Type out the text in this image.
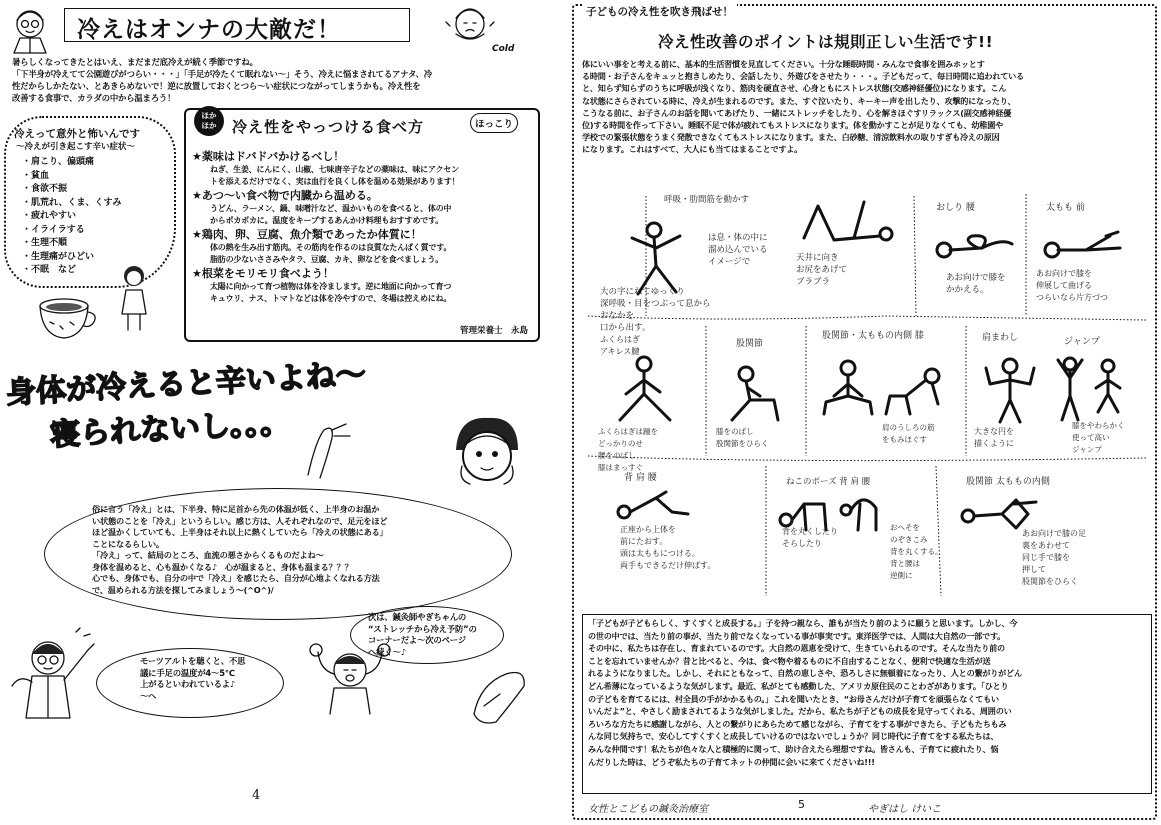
冷えはオンナの大敵だ！
Cold
暑らしくなってきたとはいえ、まだまだ底冷えが続く季節ですね。
「下半身が冷えてて公園遊びがつらい・・・」「手足が冷たくて眠れない～」そう、冷えに悩まされてるアナタ、冷
性だからしかたない、とあきらめないで！逆に放置しておくとつら～い症状につながってしまうかも。冷え性を
改善する食事で、カラダの中から温まろう！
冷えって意外と怖いんです
～冷えが引き起こす辛い症状～
・肩こり、偏頭痛
・貧血
・食欲不振
・肌荒れ、くま、くすみ
・疲れやすい
・イライラする
・生理不順
・生理痛がひどい
・不眠　など
ほか
ほか	冷え性をやっつける食べ方	ほっこり
★薬味はドバドバかけるべし！
ねぎ、生姜、にんにく、山椒、七味唐辛子などの薬味は、味にアクセン
トを添えるだけでなく、実は血行を良くし体を温める効果があります！
★あつ～い食べ物で内臓から温める。
うどん、ラーメン、鍋、味噌汁など、温かいものを食べると、体の中
からポカポカに。温度をキープするあんかけ料理もおすすめです。
★鶏肉、卵、豆腐、魚介類であったか体質に！
体の熱を生み出す筋肉。その筋肉を作るのは良質なたんぱく質です。
脂肪の少ないささみやタラ、豆腐、カキ、卵などを食べましょう。
★根菜をモリモリ食べよう！
太陽に向かって育つ植物は体を冷まします。逆に地面に向かって育つ
キュウリ、ナス、トマトなどは体を冷やすので、冬場は控えめにね。
管理栄養士　永島
身体が冷えると辛いよね～
寝られないし。。。
俗に言う「冷え」とは、下半身、特に足首から先の体温が低く、上半身のお温か
い状態のことを「冷え」というらしい。感じ方は、人それぞれなので、足元をほど
ほど温かくしていても、上半身はそれ以上に熱くしていたら「冷えの状態にある」
ことになるらしい。
「冷え」って、結局のところ、血流の悪さからくるものだよね～
身体を温めると、心も温かくなる♪　心が温まると、身体も温まる？？？
心でも、身体でも、自分の中で「冷え」を感じたら、自分が心地よくなれる方法
で、温められる方法を探してみましょう～(^O^)/
次は、鍼灸師やぎちゃんの
“ストレッチから冷え予防”の
コーナーだよ～次のページ
へ続く～♪
モーツアルトを聴くと、不思
議に手足の温度が4～5℃
上がるといわれているよ♪
～へ
4
子どもの冷え性を吹き飛ばせ！
冷え性改善のポイントは規則正しい生活です!!
体にいい事をと考える前に、基本的生活習慣を見直してください。十分な睡眠時間・みんなで食事を囲みホッとす
る時間・お子さんをキュッと抱きしめたり、会話したり、外遊びをさせたり・・・。子どもだって、毎日時間に追われている
と、知らず知らずのうちに呼吸が浅くなり、筋肉を硬直させ、心身ともにストレス状態(交感神経優位)になります。こん
な状態にさらされている時に、冷えが生まれるのです。また、すぐ泣いたり、キーキー声を出したり、攻撃的になったり、
こうなる前に、お子さんのお話を聞いてあげたり、一緒にストレッチをしたり、心を解きほぐすリラックス(副交感神経優
位)する時間を作って下さい。睡眠不足で体が疲れてもストレスになります。体を動かすことが足りなくても、幼稚園や
学校での緊張状態をうまく発散できなくてもストレスになります。また、白砂糖、清涼飲料水の取りすぎも冷えの原因
になります。これはすべて、大人にも当てはまることですよ。
呼吸・肋間筋を動かす
大の字にねてゆっくり
深呼吸・目をつぶって息から
おなかを
口から出す。
は息・体の中に
溜め込んでいる
イメージで	天井に向き
お尻をあげて
ブラブラ
おしり 腰
あお向けで膝を
かかえる。
太もも 前
あお向けで膝を
伸展して曲げる
つらいなら片方づつ
ふくらはぎ
アキレス腱
ふくらはぎは踵を
どっかりのせ
腰をのばし
膝はまっすぐ
股関節
膝をのばし
股関節をひらく
股関節・太ももの内側 膝
肩のうしろの筋
をもみほぐす
肩まわし
大きな円を
描くように
ジャンプ
膝をやわらかく
使って高い
ジャンプ
背 肩 腰
正座から上体を
前にたおす。
頭は太ももにつける。
両手もできるだけ伸ばす。
ねこのポーズ 背 肩 腰
背を丸くしたり
そらしたり
おへそを
のぞきこみ
背を丸くする。
背と腰は
逆側に
股関節 太ももの内側
あお向けで膝の足
裏をあわせて
同じ手で膝を
押して
股関節をひらく
「子どもが子どもらしく、すくすくと成長する。」子を持つ親なら、誰もが当たり前のように願うと思います。しかし、今
の世の中では、当たり前の事が、当たり前でなくなっている事が事実です。東洋医学では、人間は大自然の一部です。
その中に、私たちは存在し、育まれているのです。大自然の恩恵を受けて、生きていられるのです。そんな当たり前の
ことを忘れていませんか？昔と比べると、今は、食べ物や着るものに不自由することなく、便利で快適な生活が送
れるようになりました。しかし、それにともなって、自然の恵しさや、恐ろしさに無頓着になったり、人との繋がりがどん
どん希薄になっているような気がします。最近、私がとても感動した、アメリカ原住民のことわざがあります。「ひとり
の子どもを育てるには、村全員の手がかかるもの。」これを聞いたとき、“お母さんだけが子育てを頑張らなくてもい
いんだよ”と、やさしく励まされてるような気がしました。だから、私たちが子どもの成長を見守ってくれる、周囲のい
ろいろな方たちに感謝しながら、人との繋がりにあらためて感じながら、子育てをする事ができたら、子どもたちもみ
んな同じ気持ちで、安心してすくすくと成長していけるのではないでしょうか？同じ時代に子育てをする私たちは、
みんな仲間です！私たちが色々な人と積極的に関って、助け合えたら理想ですね。皆さんも、子育てに疲れたり、悩
んだりした時は、どうぞ私たちの子育てネットの仲間に会いに来てくださいね!!!
女性とこどもの鍼灸治療室	5	やぎはし けいこ
